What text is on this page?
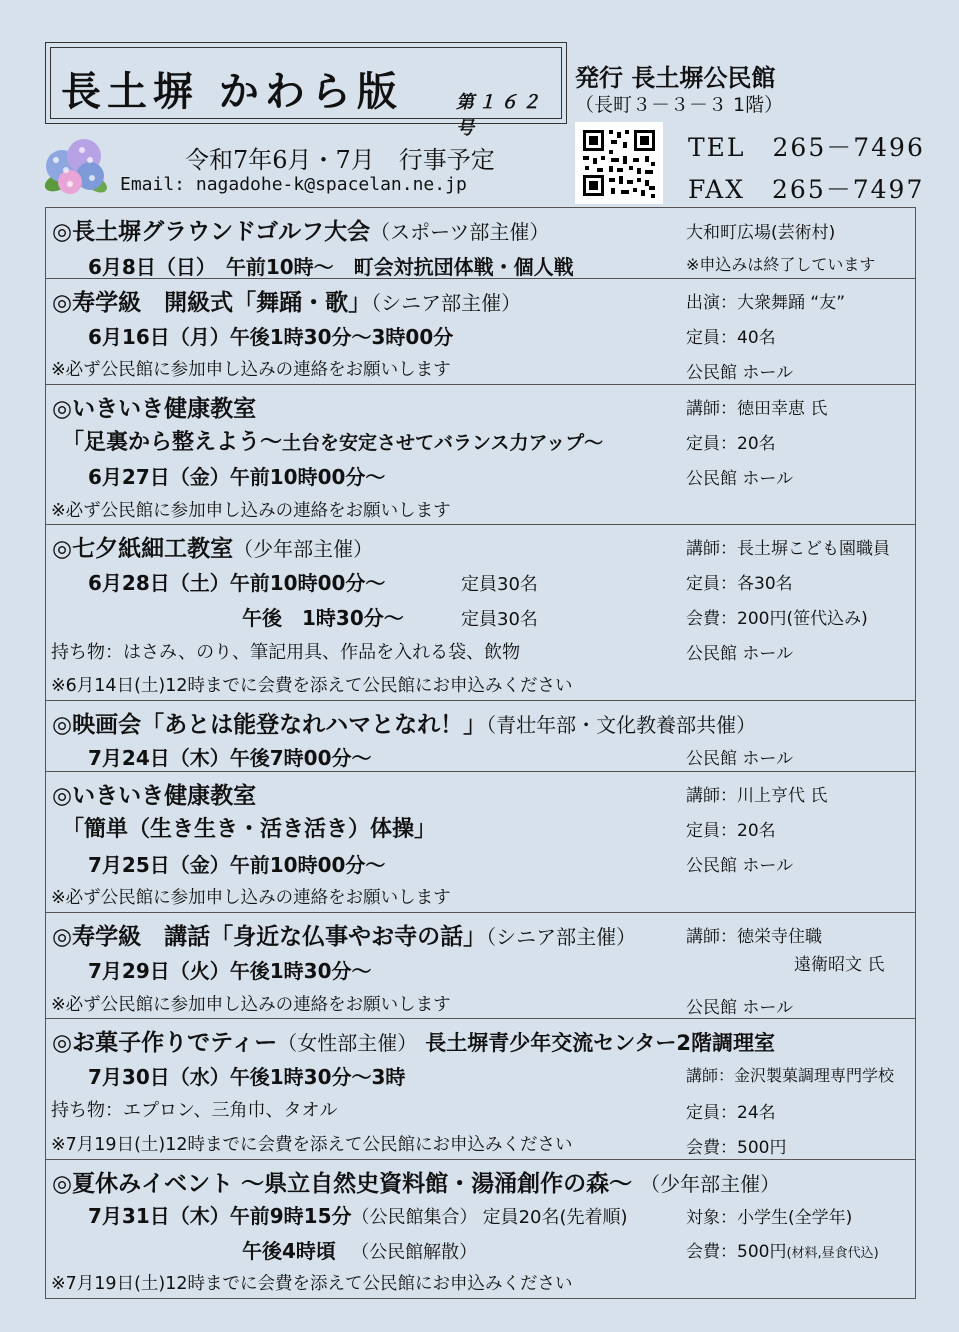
長土塀 かわら版	第１６２号
発行 長土塀公民館
（長町３－３－３ 1階）
令和7年6月・7月　行事予定
Email: nagadohe-k@spacelan.ne.jp
TEL　265－7496
FAX　265－7497
◎長土塀グラウンドゴルフ大会（スポーツ部主催）
6月8日（日）　午前10時～　町会対抗団体戦・個人戦
大和町広場(芸術村)
※申込みは終了しています
◎寿学級　開級式「舞踊・歌」（シニア部主催）
6月16日（月）午後1時30分～3時00分
※必ず公民館に参加申し込みの連絡をお願いします
出演：大衆舞踊 “友”
定員：40名
公民館 ホール
◎いきいき健康教室
「足裏から整えよう～土台を安定させてバランス力アップ～
6月27日（金）午前10時00分～
※必ず公民館に参加申し込みの連絡をお願いします
講師：徳田幸恵 氏
定員：20名
公民館 ホール
◎七夕紙細工教室（少年部主催）
6月28日（土）午前10時00分～	定員30名
午後　1時30分～	定員30名
持ち物：はさみ、のり、筆記用具、作品を入れる袋、飲物
※6月14日(土)12時までに会費を添えて公民館にお申込みください
講師：長土塀こども園職員
定員：各30名
会費：200円(笹代込み)
公民館 ホール
◎映画会「あとは能登なれハマとなれ！」（青壮年部・文化教養部共催）
7月24日（木）午後7時00分～	公民館 ホール
◎いきいき健康教室
「簡単（生き生き・活き活き）体操」
7月25日（金）午前10時00分～
※必ず公民館に参加申し込みの連絡をお願いします
講師：川上亨代 氏
定員：20名
公民館 ホール
◎寿学級　講話「身近な仏事やお寺の話」（シニア部主催）
7月29日（火）午後1時30分～
※必ず公民館に参加申し込みの連絡をお願いします
講師：徳栄寺住職
遠衛昭文 氏
公民館 ホール
◎お菓子作りでティー（女性部主催） 長土塀青少年交流センター2階調理室
7月30日（水）午後1時30分～3時
持ち物：エプロン、三角巾、タオル
※7月19日(土)12時までに会費を添えて公民館にお申込みください
講師：金沢製菓調理専門学校
定員：24名
会費：500円
◎夏休みイベント ～県立自然史資料館・湯涌創作の森～ （少年部主催）
7月31日（木）午前9時15分（公民館集合） 定員20名(先着順)
午後4時頃 （公民館解散）
※7月19日(土)12時までに会費を添えて公民館にお申込みください
対象：小学生(全学年)
会費：500円(材料,昼食代込)
